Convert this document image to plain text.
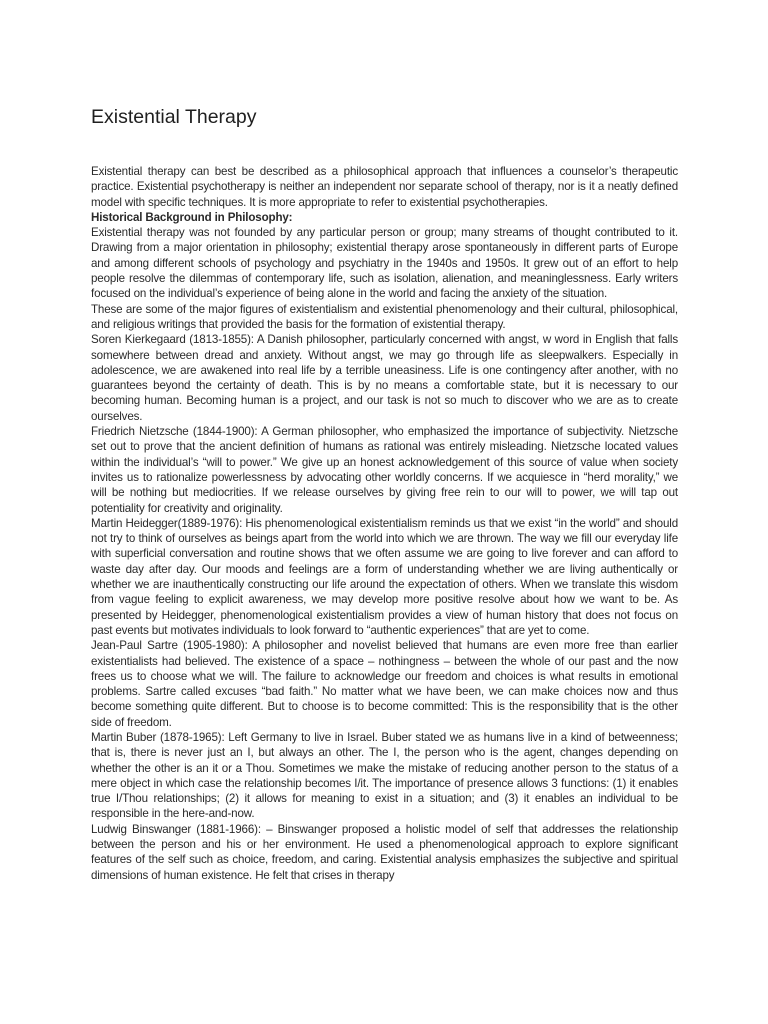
Existential Therapy

Existential therapy can best be described as a philosophical approach that influences a counselor’s therapeutic practice. Existential psychotherapy is neither an independent nor separate school of therapy, nor is it a neatly defined model with specific techniques. It is more appropriate to refer to existential psychotherapies.

Historical Background in Philosophy:

Existential therapy was not founded by any particular person or group; many streams of thought contributed to it. Drawing from a major orientation in philosophy; existential therapy arose spontaneously in different parts of Europe and among different schools of psychology and psychiatry in the 1940s and 1950s. It grew out of an effort to help people resolve the dilemmas of contemporary life, such as isolation, alienation, and meaninglessness. Early writers focused on the individual’s experience of being alone in the world and facing the anxiety of the situation.

These are some of the major figures of existentialism and existential phenomenology and their cultural, philosophical, and religious writings that provided the basis for the formation of existential therapy.

Soren Kierkegaard (1813-1855): A Danish philosopher, particularly concerned with angst, w word in English that falls somewhere between dread and anxiety. Without angst, we may go through life as sleepwalkers. Especially in adolescence, we are awakened into real life by a terrible uneasiness. Life is one contingency after another, with no guarantees beyond the certainty of death. This is by no means a comfortable state, but it is necessary to our becoming human. Becoming human is a project, and our task is not so much to discover who we are as to create ourselves.

Friedrich Nietzsche (1844-1900): A German philosopher, who emphasized the importance of subjectivity. Nietzsche set out to prove that the ancient definition of humans as rational was entirely misleading. Nietzsche located values within the individual’s “will to power.” We give up an honest acknowledgement of this source of value when society invites us to rationalize powerlessness by advocating other worldly concerns. If we acquiesce in “herd morality,” we will be nothing but mediocrities. If we release ourselves by giving free rein to our will to power, we will tap out potentiality for creativity and originality.

Martin Heidegger(1889-1976): His phenomenological existentialism reminds us that we exist “in the world” and should not try to think of ourselves as beings apart from the world into which we are thrown. The way we fill our everyday life with superficial conversation and routine shows that we often assume we are going to live forever and can afford to waste day after day. Our moods and feelings are a form of understanding whether we are living authentically or whether we are inauthentically constructing our life around the expectation of others. When we translate this wisdom from vague feeling to explicit awareness, we may develop more positive resolve about how we want to be. As presented by Heidegger, phenomenological existentialism provides a view of human history that does not focus on past events but motivates individuals to look forward to “authentic experiences” that are yet to come.

Jean-Paul Sartre (1905-1980): A philosopher and novelist believed that humans are even more free than earlier existentialists had believed. The existence of a space – nothingness – between the whole of our past and the now frees us to choose what we will. The failure to acknowledge our freedom and choices is what results in emotional problems. Sartre called excuses “bad faith.” No matter what we have been, we can make choices now and thus become something quite different. But to choose is to become committed: This is the responsibility that is the other side of freedom.

Martin Buber (1878-1965): Left Germany to live in Israel. Buber stated we as humans live in a kind of betweenness; that is, there is never just an I, but always an other. The I, the person who is the agent, changes depending on whether the other is an it or a Thou. Sometimes we make the mistake of reducing another person to the status of a mere object in which case the relationship becomes I/it. The importance of presence allows 3 functions: (1) it enables true I/Thou relationships; (2) it allows for meaning to exist in a situation; and (3) it enables an individual to be responsible in the here-and-now.

Ludwig Binswanger (1881-1966): – Binswanger proposed a holistic model of self that addresses the relationship between the person and his or her environment. He used a phenomenological approach to explore significant features of the self such as choice, freedom, and caring. Existential analysis emphasizes the subjective and spiritual dimensions of human existence. He felt that crises in therapy
